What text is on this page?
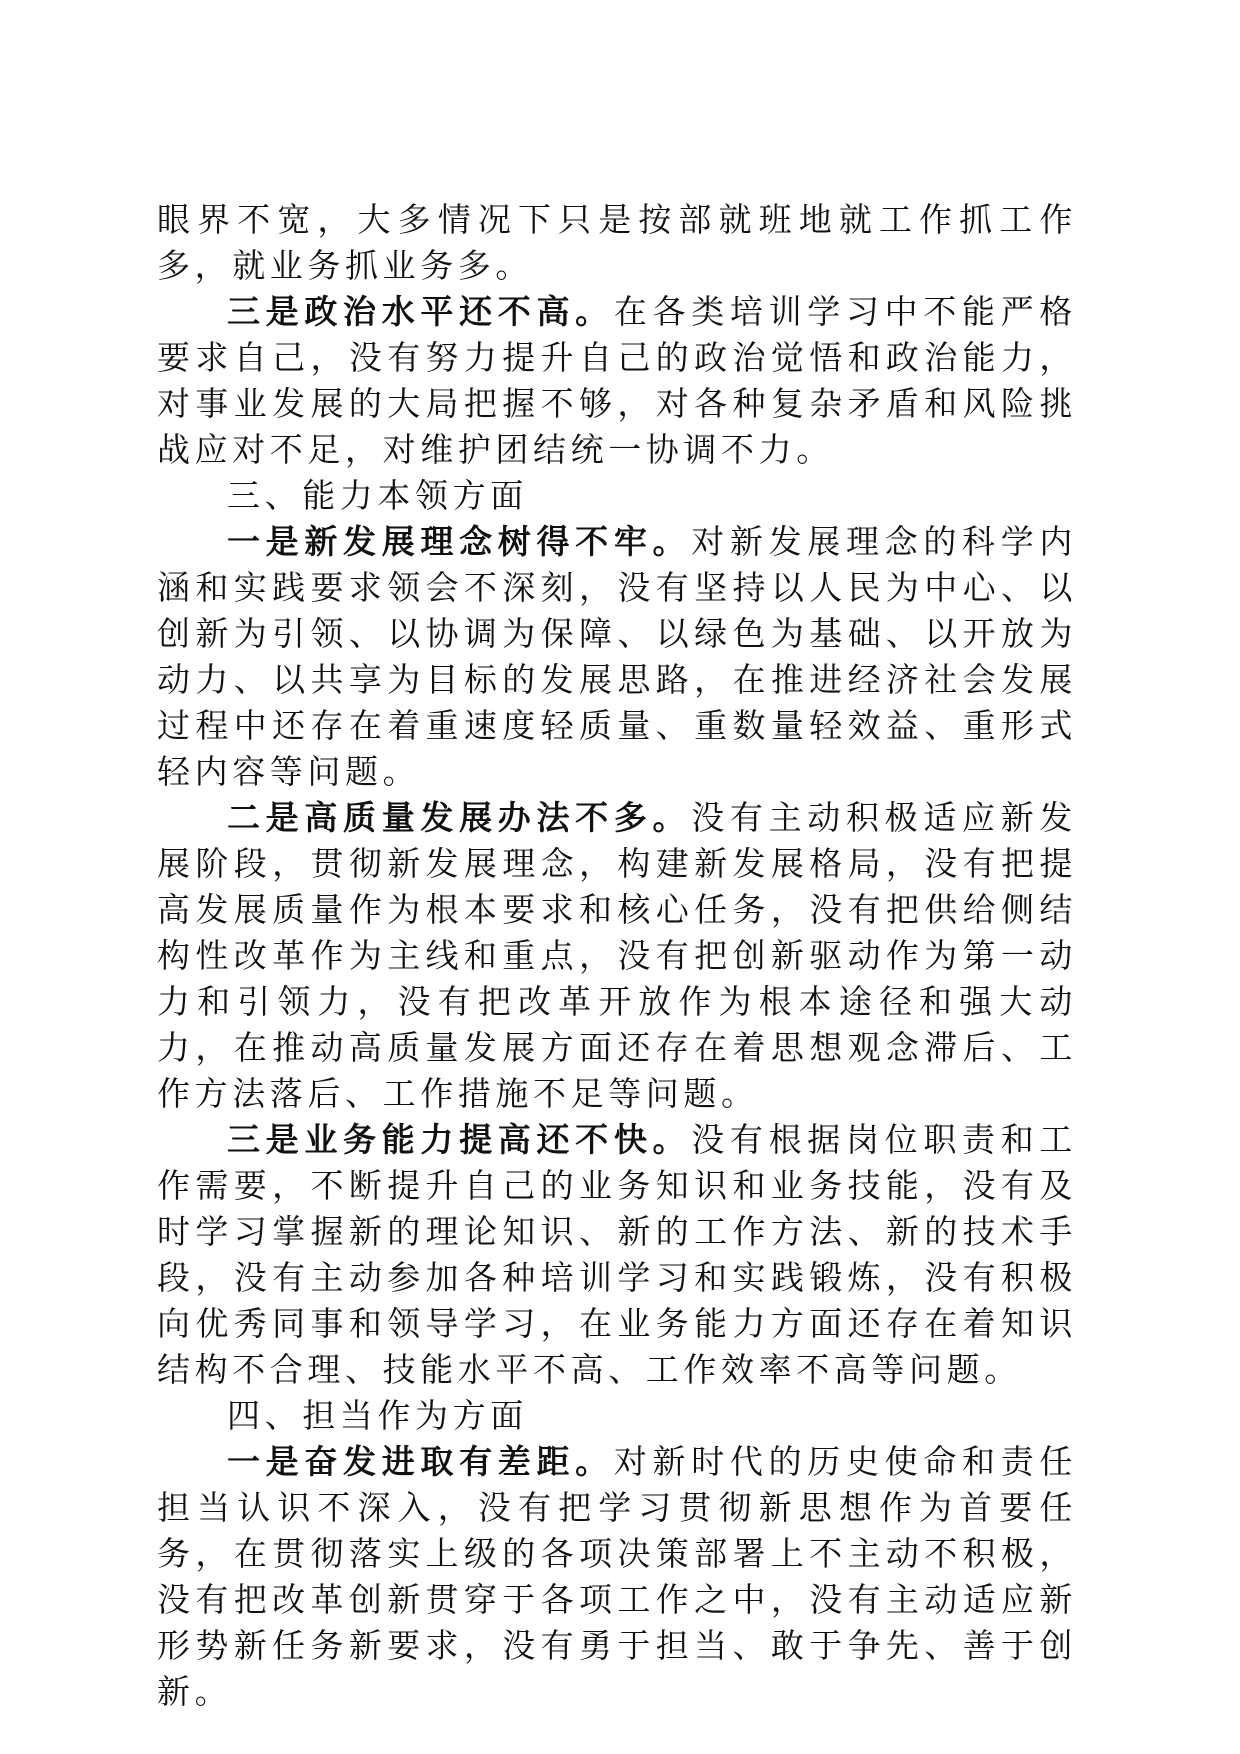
眼界不宽，大多情况下只是按部就班地就工作抓工作多，就业务抓业务多。

三是政治水平还不高。在各类培训学习中不能严格要求自己，没有努力提升自己的政治觉悟和政治能力，对事业发展的大局把握不够，对各种复杂矛盾和风险挑战应对不足，对维护团结统一协调不力。

三、能力本领方面

一是新发展理念树得不牢。对新发展理念的科学内涵和实践要求领会不深刻，没有坚持以人民为中心、以创新为引领、以协调为保障、以绿色为基础、以开放为动力、以共享为目标的发展思路，在推进经济社会发展过程中还存在着重速度轻质量、重数量轻效益、重形式轻内容等问题。

二是高质量发展办法不多。没有主动积极适应新发展阶段，贯彻新发展理念，构建新发展格局，没有把提高发展质量作为根本要求和核心任务，没有把供给侧结构性改革作为主线和重点，没有把创新驱动作为第一动力和引领力，没有把改革开放作为根本途径和强大动力，在推动高质量发展方面还存在着思想观念滞后、工作方法落后、工作措施不足等问题。

三是业务能力提高还不快。没有根据岗位职责和工作需要，不断提升自己的业务知识和业务技能，没有及时学习掌握新的理论知识、新的工作方法、新的技术手段，没有主动参加各种培训学习和实践锻炼，没有积极向优秀同事和领导学习，在业务能力方面还存在着知识结构不合理、技能水平不高、工作效率不高等问题。

四、担当作为方面

一是奋发进取有差距。对新时代的历史使命和责任担当认识不深入，没有把学习贯彻新思想作为首要任务，在贯彻落实上级的各项决策部署上不主动不积极，没有把改革创新贯穿于各项工作之中，没有主动适应新形势新任务新要求，没有勇于担当、敢于争先、善于创新。
